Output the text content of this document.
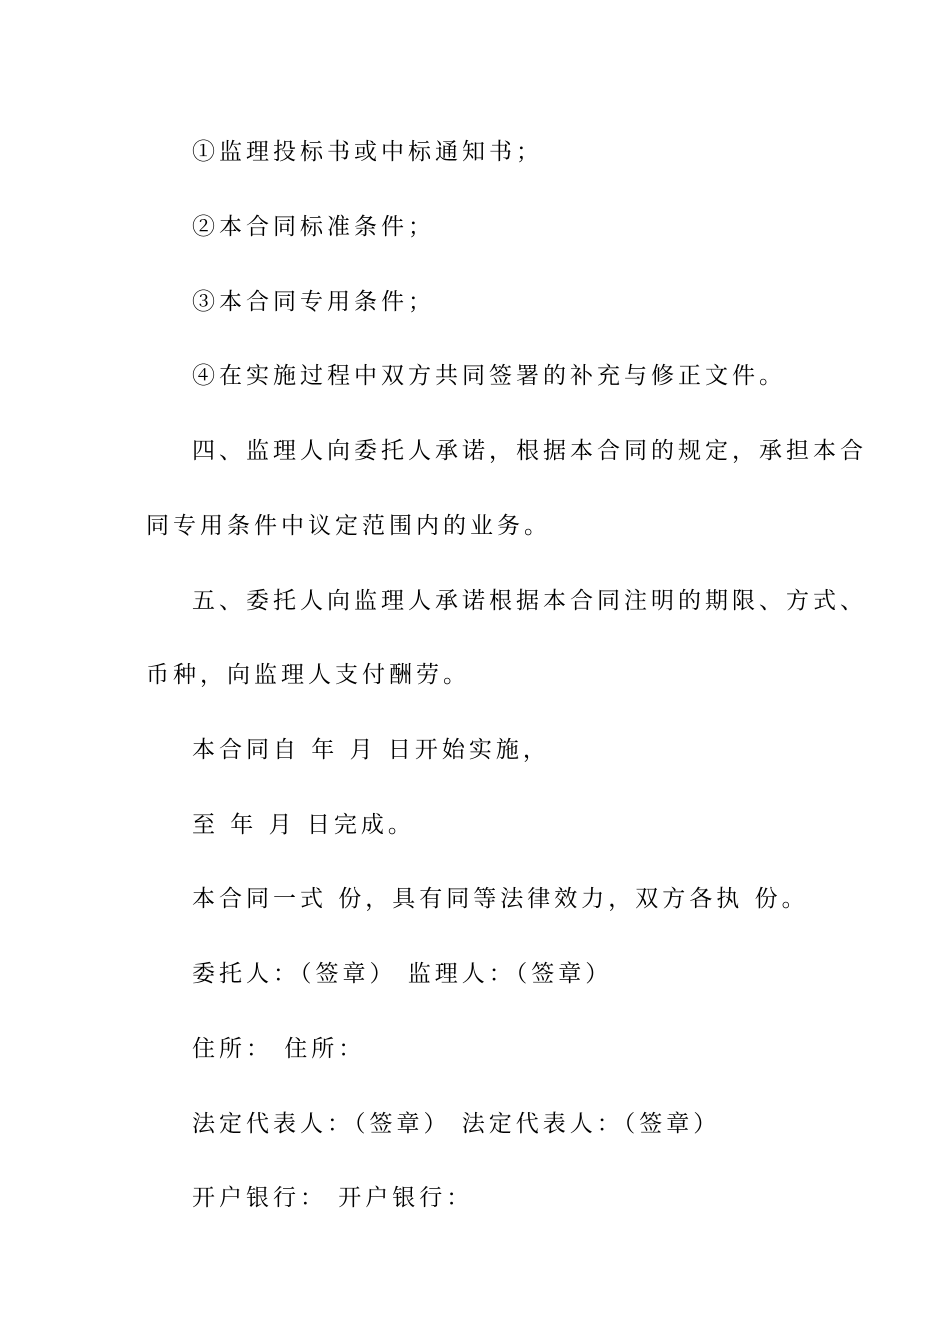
①监理投标书或中标通知书；
②本合同标准条件；
③本合同专用条件；
④在实施过程中双方共同签署的补充与修正文件。
四、监理人向委托人承诺，根据本合同的规定，承担本合
同专用条件中议定范围内的业务。
五、委托人向监理人承诺根据本合同注明的期限、方式、
币种，向监理人支付酬劳。
本合同自 年 月 日开始实施，
至 年 月 日完成。
本合同一式 份，具有同等法律效力，双方各执 份。
委托人：（签章） 监理人：（签章）
住所： 住所：
法定代表人：（签章） 法定代表人：（签章）
开户银行： 开户银行：
